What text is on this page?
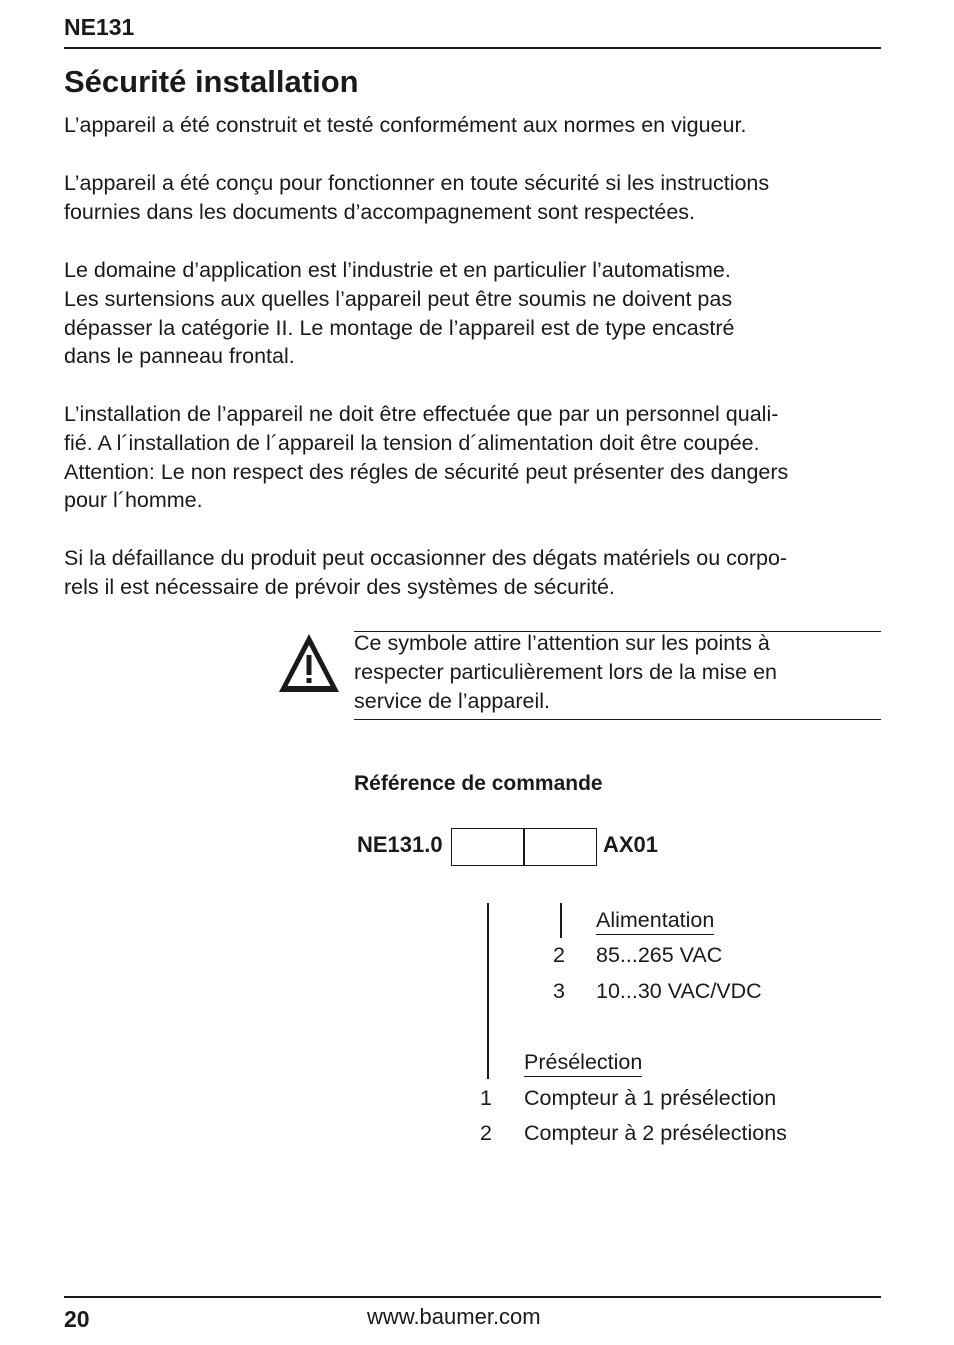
NE131
Sécurité installation
L’appareil a été construit et testé conformément aux normes en vigueur.
L’appareil a été conçu pour fonctionner en toute sécurité si les instructions
fournies dans les documents d’accompagnement sont respectées.
Le domaine d’application est l’industrie et en particulier l’automatisme.
Les surtensions aux quelles l’appareil peut être soumis ne doivent pas
dépasser la catégorie II. Le montage de l’appareil est de type encastré
dans le panneau frontal.
L’installation de l’appareil ne doit être effectuée que par un personnel quali-
fié. A l´installation de l´appareil la tension d´alimentation doit être coupée.
Attention: Le non respect des régles de sécurité peut présenter des dangers
pour l´homme.
Si la défaillance du produit peut occasionner des dégats matériels ou corpo-
rels il est nécessaire de prévoir des systèmes de sécurité.
Ce symbole attire l’attention sur les points à
respecter particulièrement lors de la mise en
service de l’appareil.
Référence de commande
NE131.0	AX01
Alimentation
2 85...265 VAC
3 10...30 VAC/VDC
Présélection
1 Compteur à 1 présélection
2 Compteur à 2 présélections
20	www.baumer.com
